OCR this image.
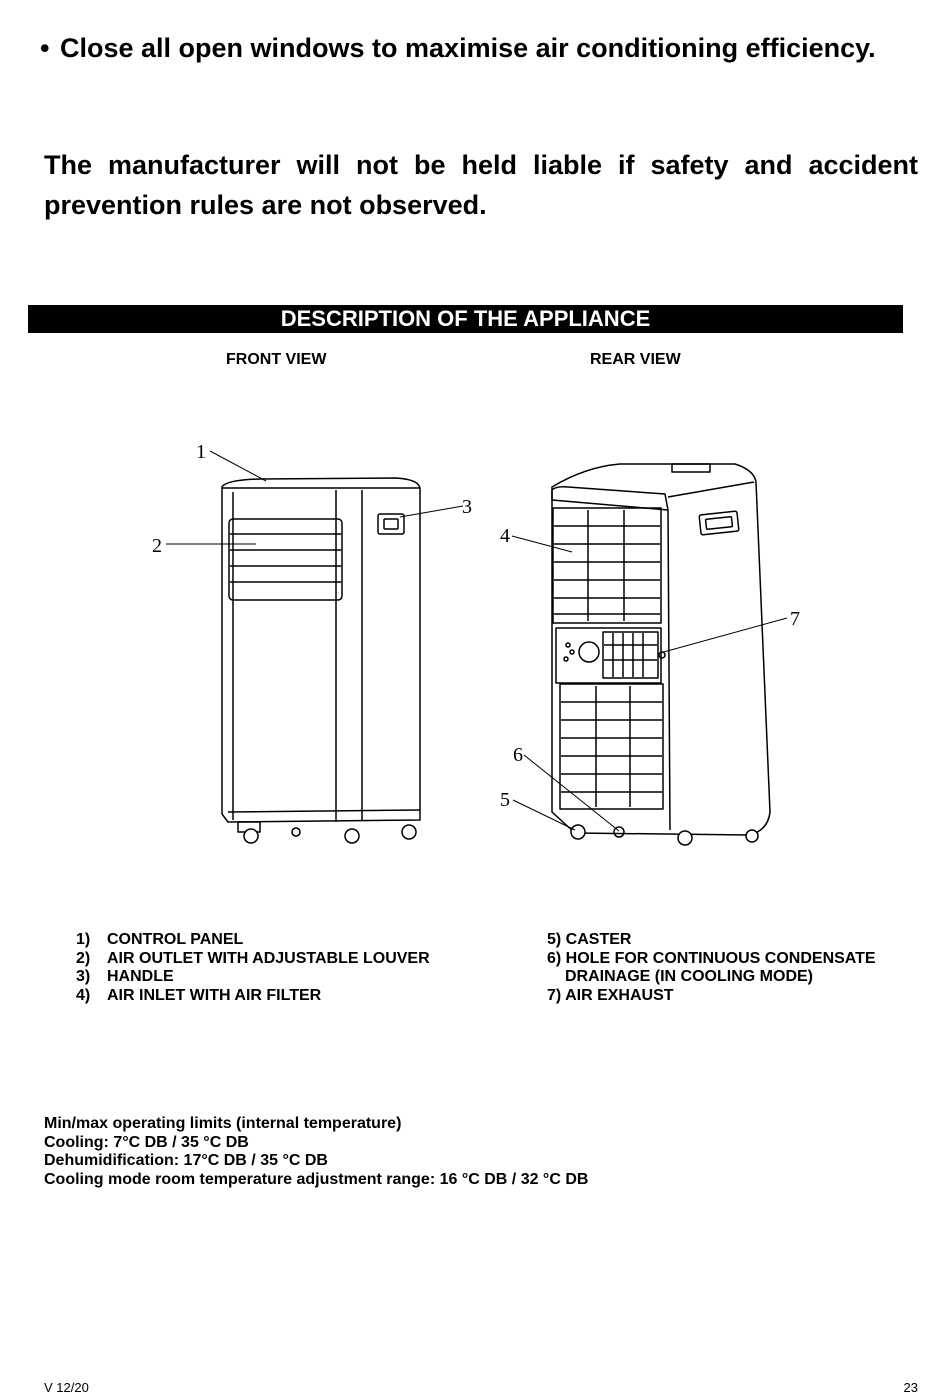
• Close all open windows to maximise air conditioning efficiency.
The manufacturer will not be held liable if safety and accident prevention rules are not observed.
DESCRIPTION OF THE APPLIANCE
FRONT VIEW	REAR VIEW
1
2
3
4
5
6
7
1)	CONTROL PANEL
2)	AIR OUTLET WITH ADJUSTABLE LOUVER
3)	HANDLE
4)	AIR INLET WITH AIR FILTER
5) CASTER
6) HOLE FOR CONTINUOUS CONDENSATE
DRAINAGE (IN COOLING MODE)
7) AIR EXHAUST
Min/max operating limits (internal temperature)
Cooling: 7°C DB / 35 °C DB
Dehumidification: 17°C DB / 35 °C DB
Cooling mode room temperature adjustment range: 16 °C DB / 32 °C DB
V 12/20	23
